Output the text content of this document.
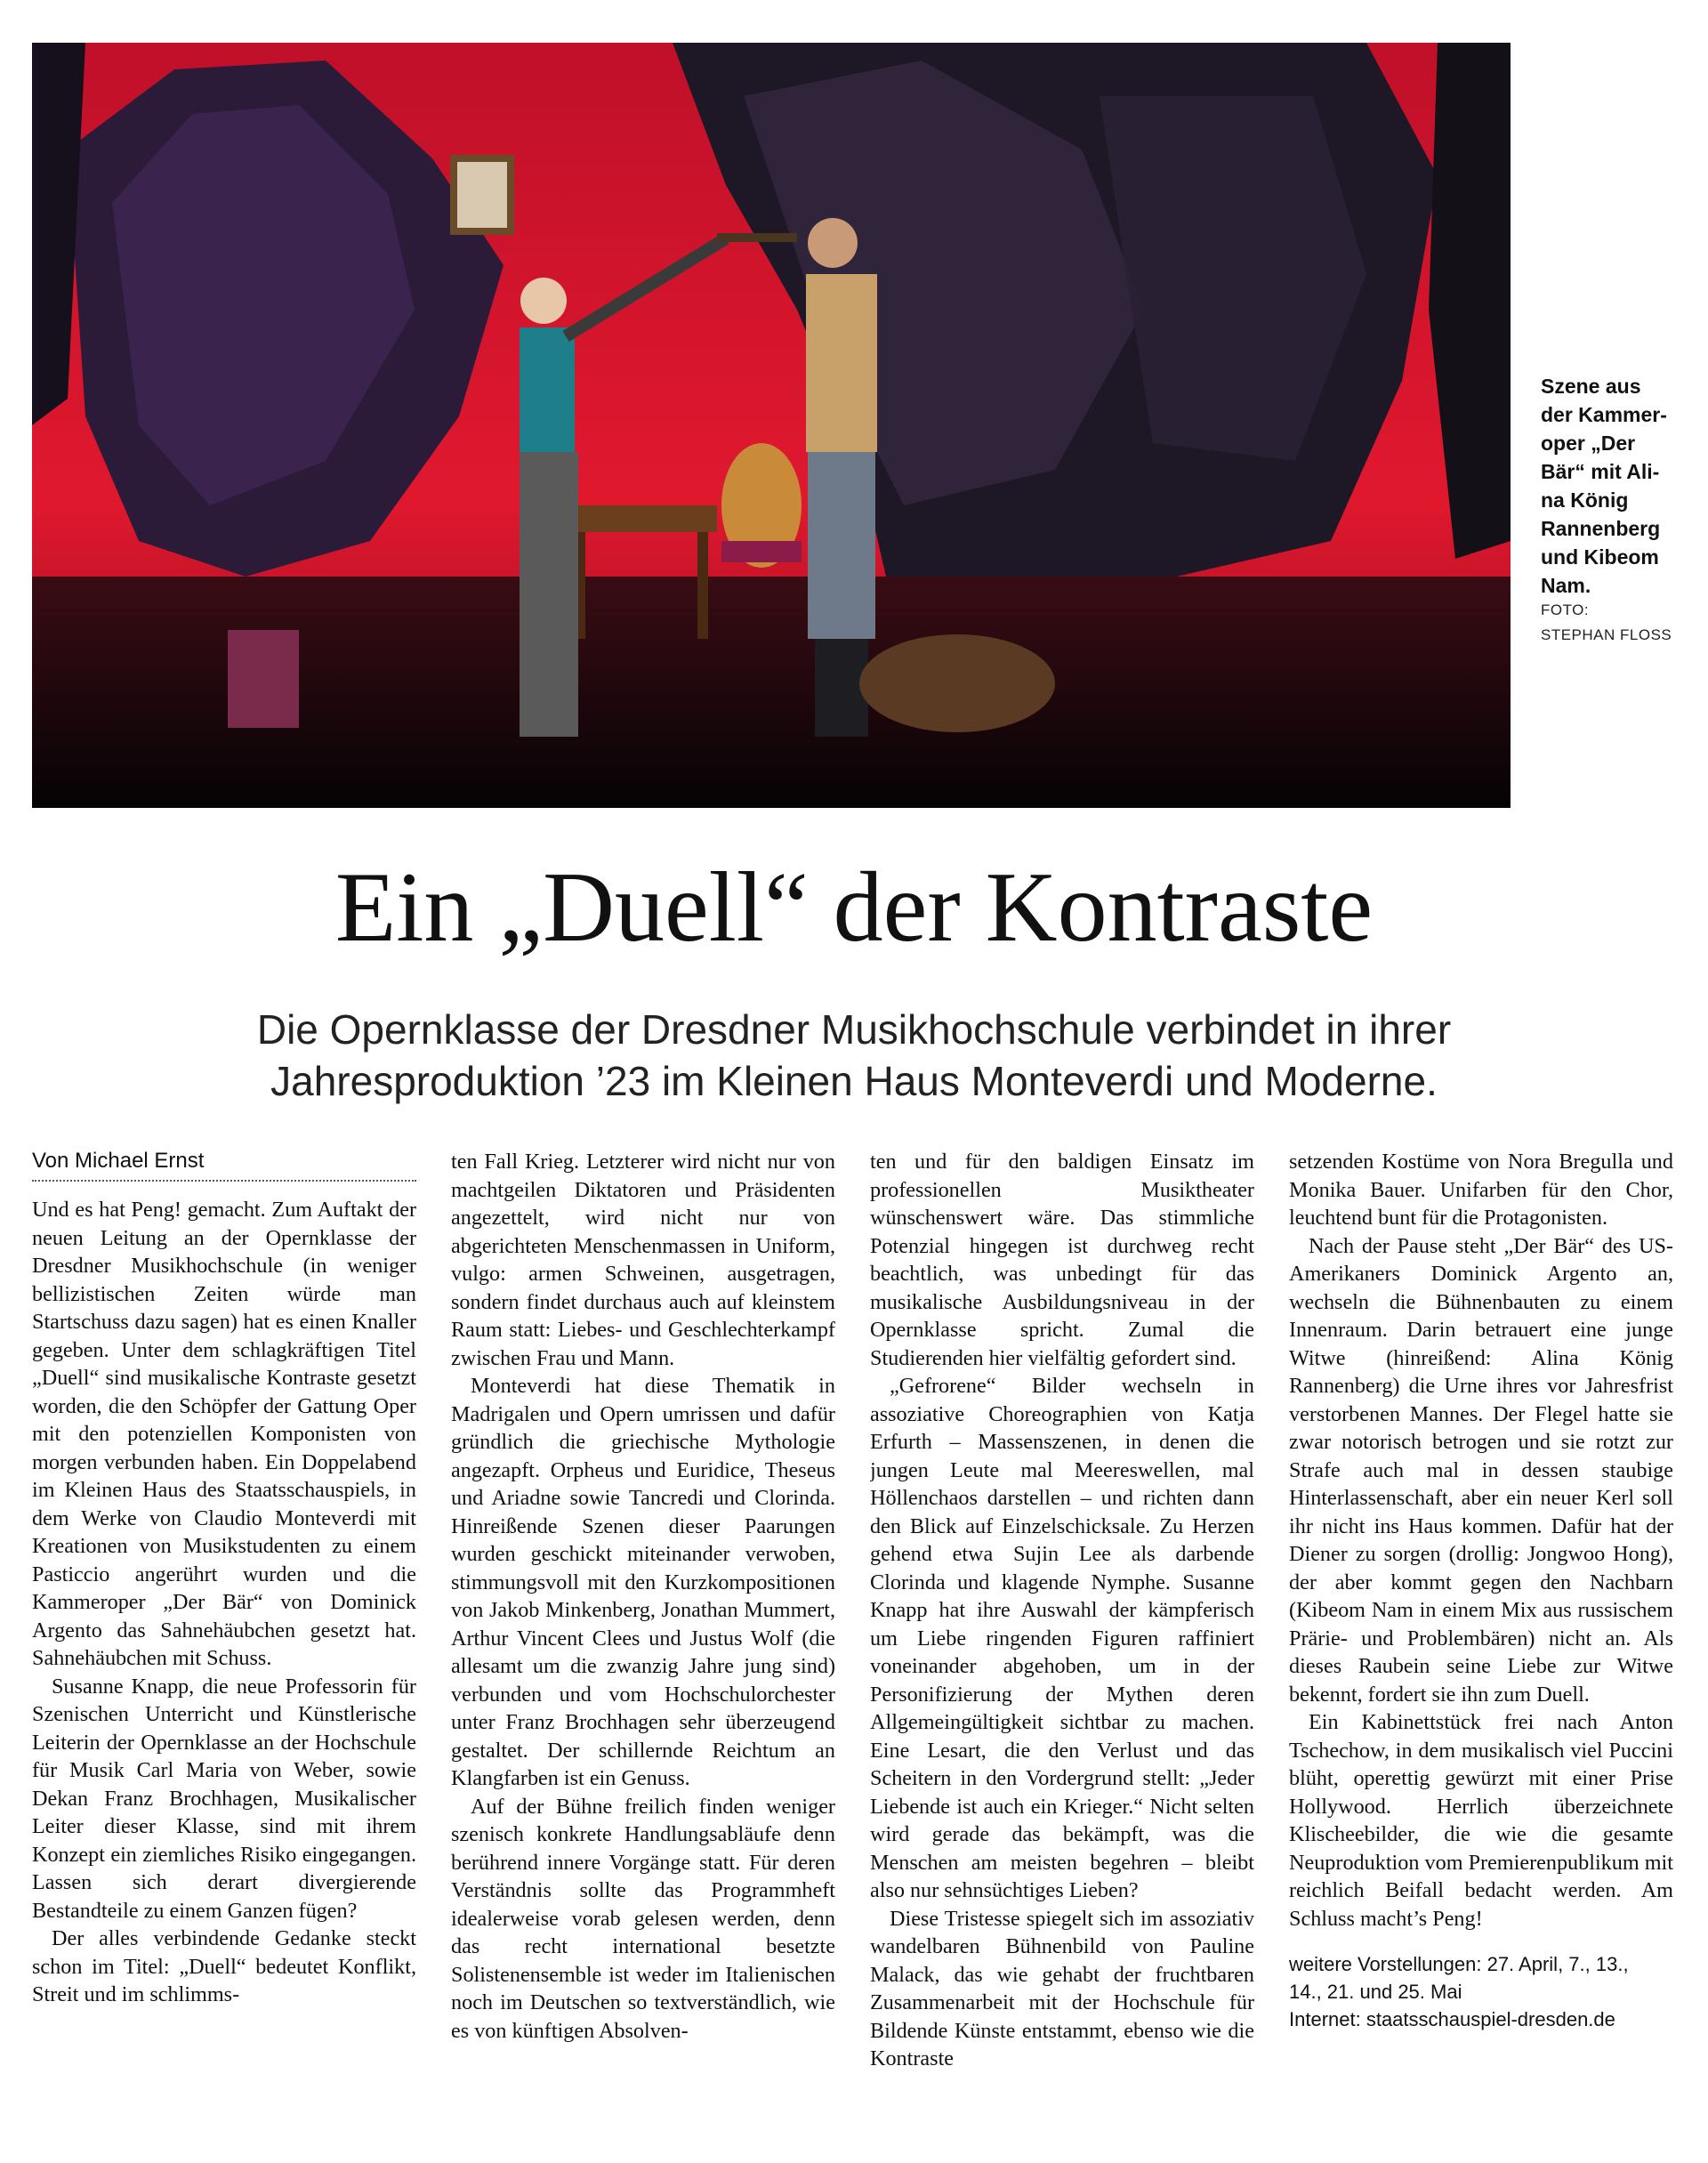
Szene aus
der Kammer-
oper „Der
Bär“ mit Ali-
na König
Rannenberg
und Kibeom
Nam.
FOTO:
STEPHAN FLOSS
Ein „Duell“ der Kontraste
Die Opernklasse der Dresdner Musikhochschule verbindet in ihrer
Jahresproduktion ’23 im Kleinen Haus Monteverdi und Moderne.
Von Michael Ernst

Und es hat Peng! gemacht. Zum Auftakt der neuen Leitung an der Opernklasse der Dresdner Musikhochschule (in weniger bellizistischen Zeiten würde man Startschuss dazu sagen) hat es einen Knaller gegeben. Unter dem schlagkräftigen Titel „Duell“ sind musikalische Kontraste gesetzt worden, die den Schöpfer der Gattung Oper mit den potenziellen Komponisten von morgen verbunden haben. Ein Doppelabend im Kleinen Haus des Staatsschauspiels, in dem Werke von Claudio Monteverdi mit Kreationen von Musikstudenten zu einem Pasticcio angerührt wurden und die Kammeroper „Der Bär“ von Dominick Argento das Sahnehäubchen gesetzt hat. Sahnehäubchen mit Schuss.

Susanne Knapp, die neue Professorin für Szenischen Unterricht und Künstlerische Leiterin der Opernklasse an der Hochschule für Musik Carl Maria von Weber, sowie Dekan Franz Brochhagen, Musikalischer Leiter dieser Klasse, sind mit ihrem Konzept ein ziemliches Risiko eingegangen. Lassen sich derart divergierende Bestandteile zu einem Ganzen fügen?

Der alles verbindende Gedanke steckt schon im Titel: „Duell“ bedeutet Konflikt, Streit und im schlimms-

ten Fall Krieg. Letzterer wird nicht nur von machtgeilen Diktatoren und Präsidenten angezettelt, wird nicht nur von abgerichteten Menschenmassen in Uniform, vulgo: armen Schweinen, ausgetragen, sondern findet durchaus auch auf kleinstem Raum statt: Liebes- und Geschlechterkampf zwischen Frau und Mann.

Monteverdi hat diese Thematik in Madrigalen und Opern umrissen und dafür gründlich die griechische Mythologie angezapft. Orpheus und Euridice, Theseus und Ariadne sowie Tancredi und Clorinda. Hinreißende Szenen dieser Paarungen wurden geschickt miteinander verwoben, stimmungsvoll mit den Kurzkompositionen von Jakob Minkenberg, Jonathan Mummert, Arthur Vincent Clees und Justus Wolf (die allesamt um die zwanzig Jahre jung sind) verbunden und vom Hochschulorchester unter Franz Brochhagen sehr überzeugend gestaltet. Der schillernde Reichtum an Klangfarben ist ein Genuss.

Auf der Bühne freilich finden weniger szenisch konkrete Handlungsabläufe denn berührend innere Vorgänge statt. Für deren Verständnis sollte das Programmheft idealerweise vorab gelesen werden, denn das recht international besetzte Solistenensemble ist weder im Italienischen noch im Deutschen so textverständlich, wie es von künftigen Absolven-

ten und für den baldigen Einsatz im professionellen Musiktheater wünschenswert wäre. Das stimmliche Potenzial hingegen ist durchweg recht beachtlich, was unbedingt für das musikalische Ausbildungsniveau in der Opernklasse spricht. Zumal die Studierenden hier vielfältig gefordert sind.

„Gefrorene“ Bilder wechseln in assoziative Choreographien von Katja Erfurth – Massenszenen, in denen die jungen Leute mal Meereswellen, mal Höllenchaos darstellen – und richten dann den Blick auf Einzelschicksale. Zu Herzen gehend etwa Sujin Lee als darbende Clorinda und klagende Nymphe. Susanne Knapp hat ihre Auswahl der kämpferisch um Liebe ringenden Figuren raffiniert voneinander abgehoben, um in der Personifizierung der Mythen deren Allgemeingültigkeit sichtbar zu machen. Eine Lesart, die den Verlust und das Scheitern in den Vordergrund stellt: „Jeder Liebende ist auch ein Krieger.“ Nicht selten wird gerade das bekämpft, was die Menschen am meisten begehren – bleibt also nur sehnsüchtiges Lieben?

Diese Tristesse spiegelt sich im assoziativ wandelbaren Bühnenbild von Pauline Malack, das wie gehabt der fruchtbaren Zusammenarbeit mit der Hochschule für Bildende Künste entstammt, ebenso wie die Kontraste

setzenden Kostüme von Nora Bregulla und Monika Bauer. Unifarben für den Chor, leuchtend bunt für die Protagonisten.

Nach der Pause steht „Der Bär“ des US-Amerikaners Dominick Argento an, wechseln die Bühnenbauten zu einem Innenraum. Darin betrauert eine junge Witwe (hinreißend: Alina König Rannenberg) die Urne ihres vor Jahresfrist verstorbenen Mannes. Der Flegel hatte sie zwar notorisch betrogen und sie rotzt zur Strafe auch mal in dessen staubige Hinterlassenschaft, aber ein neuer Kerl soll ihr nicht ins Haus kommen. Dafür hat der Diener zu sorgen (drollig: Jongwoo Hong), der aber kommt gegen den Nachbarn (Kibeom Nam in einem Mix aus russischem Prärie- und Problembären) nicht an. Als dieses Raubein seine Liebe zur Witwe bekennt, fordert sie ihn zum Duell.

Ein Kabinettstück frei nach Anton Tschechow, in dem musikalisch viel Puccini blüht, operettig gewürzt mit einer Prise Hollywood. Herrlich überzeichnete Klischeebilder, die wie die gesamte Neuproduktion vom Premierenpublikum mit reichlich Beifall bedacht werden. Am Schluss macht’s Peng!

weitere Vorstellungen: 27. April, 7., 13.,
14., 21. und 25. Mai
Internet: staatsschauspiel-dresden.de
